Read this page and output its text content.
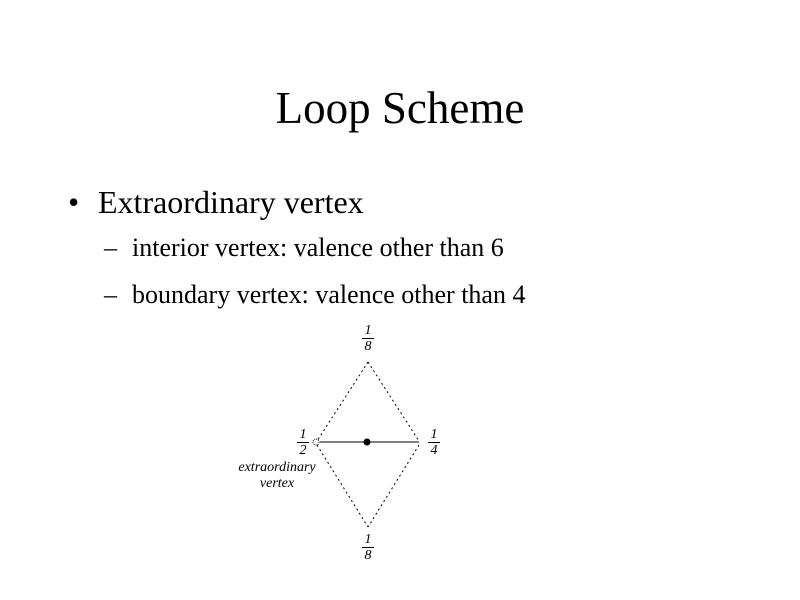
Loop Scheme
• Extraordinary vertex
– interior vertex: valence other than 6
– boundary vertex: valence other than 4
1
8
1
2
1
4
1
8
extraordinary
vertex
